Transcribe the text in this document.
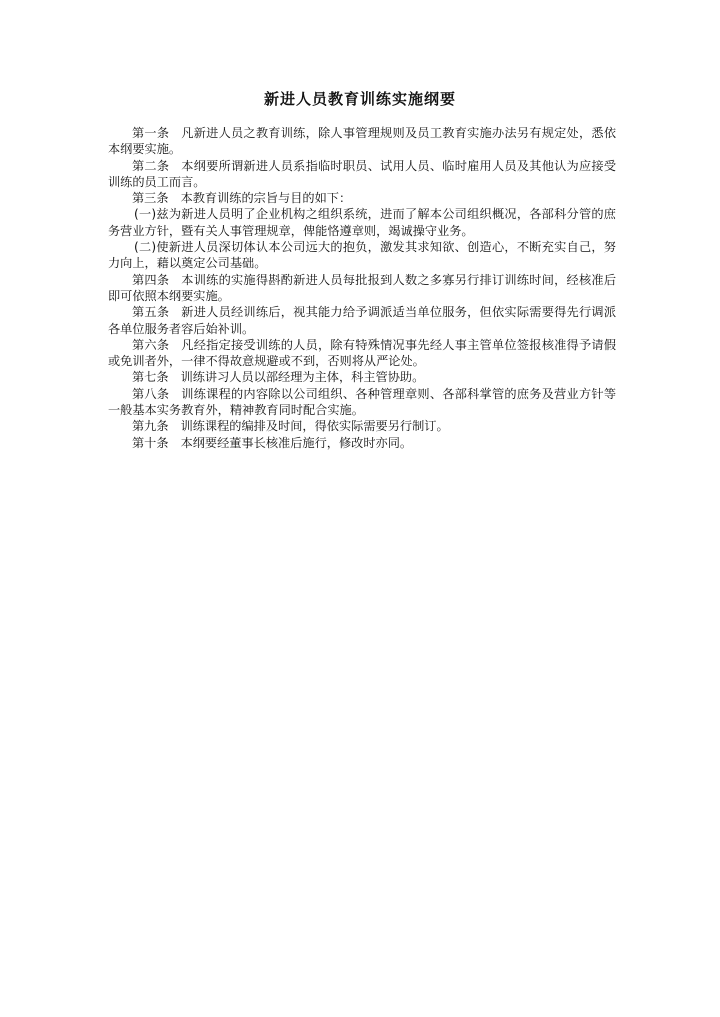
新进人员教育训练实施纲要

第一条 凡新进人员之教育训练，除人事管理规则及员工教育实施办法另有规定处，悉依本纲要实施。

第二条 本纲要所谓新进人员系指临时职员、试用人员、临时雇用人员及其他认为应接受训练的员工而言。

第三条 本教育训练的宗旨与目的如下：

(一)兹为新进人员明了企业机构之组织系统，进而了解本公司组织概况，各部科分管的庶务营业方针，暨有关人事管理规章，俾能恪遵章则，竭诚操守业务。

(二)使新进人员深切体认本公司远大的抱负，激发其求知欲、创造心，不断充实自己，努力向上，藉以奠定公司基础。

第四条 本训练的实施得斟酌新进人员每批报到人数之多寡另行排订训练时间，经核准后即可依照本纲要实施。

第五条 新进人员经训练后，视其能力给予调派适当单位服务，但依实际需要得先行调派各单位服务者容后始补训。

第六条 凡经指定接受训练的人员，除有特殊情况事先经人事主管单位签报核准得予请假或免训者外，一律不得故意规避或不到，否则将从严论处。

第七条 训练讲习人员以部经理为主体，科主管协助。

第八条 训练课程的内容除以公司组织、各种管理章则、各部科掌管的庶务及营业方针等一般基本实务教育外，精神教育同时配合实施。

第九条 训练课程的编排及时间，得依实际需要另行制订。

第十条 本纲要经董事长核准后施行，修改时亦同。
